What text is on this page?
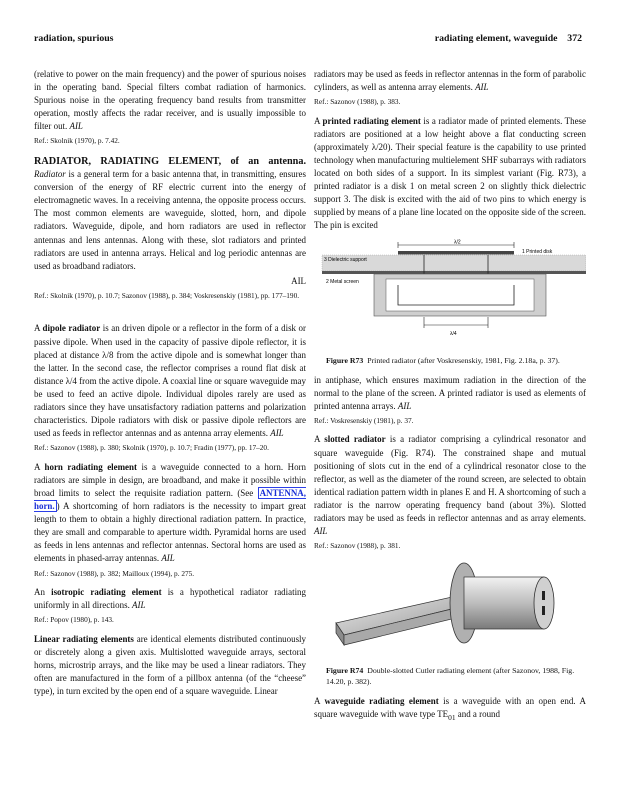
radiation, spurious	radiating element, waveguide 372

(relative to power on the main frequency) and the power of spurious noises in the operating band. Special filters combat radiation of harmonics. Spurious noise in the operating frequency band results from transmitter operation, mostly affects the radar receiver, and is usually impossible to filter out. AIL

Ref.: Skolnik (1970), p. 7.42.

RADIATOR, RADIATING ELEMENT, of an antenna. Radiator is a general term for a basic antenna that, in transmitting, ensures conversion of the energy of RF electric current into the energy of electromagnetic waves. In a receiving antenna, the opposite process occurs. The most common elements are waveguide, slotted, horn, and dipole radiators. Waveguide, dipole, and horn radiators are used in reflector antennas and lens antennas. Along with these, slot radiators and printed radiators are used in antenna arrays. Helical and log periodic antennas are used as broadband radiators.

AIL

Ref.: Skolnik (1970), p. 10.7; Sazonov (1988), p. 384; Voskresenskiy (1981), pp. 177–190.

A dipole radiator is an driven dipole or a reflector in the form of a disk or passive dipole. When used in the capacity of passive dipole reflector, it is placed at distance λ/8 from the active dipole and is somewhat longer than the latter. In the second case, the reflector comprises a round flat disk at distance λ/4 from the active dipole. A coaxial line or square waveguide may be used to feed an active dipole. Individual dipoles rarely are used as radiators since they have unsatisfactory radiation patterns and polarization characteristics. Dipole radiators with disk or passive dipole reflectors are used as feeds in reflector antennas and as antenna array elements. AIL

Ref.: Sazonov (1988), p. 380; Skolnik (1970), p. 10.7; Fradin (1977), pp. 17–20.

A horn radiating element is a waveguide connected to a horn. Horn radiators are simple in design, are broadband, and make it possible within broad limits to select the requisite radiation pattern. (See ANTENNA, horn. ) A shortcoming of horn radiators is the necessity to impart great length to them to obtain a highly directional radiation pattern. In practice, they are small and comparable to aperture width. Pyramidal horns are used as feeds in lens antennas and reflector antennas. Sectoral horns are used as elements in phased-array antennas. AIL

Ref.: Sazonov (1988), p. 382; Mailloux (1994), p. 275.

An isotropic radiating element is a hypothetical radiator radiating uniformly in all directions. AIL

Ref.: Popov (1980), p. 143.

Linear radiating elements are identical elements distributed continuously or discretely along a given axis. Multislotted waveguide arrays, sectoral horns, microstrip arrays, and the like may be used a linear radiators. They often are manufactured in the form of a pillbox antenna (of the “cheese” type), in turn excited by the open end of a square waveguide. Linear

radiators may be used as feeds in reflector antennas in the form of parabolic cylinders, as well as antenna array elements. AIL

Ref.: Sazonov (1988), p. 383.

A printed radiating element is a radiator made of printed elements. These radiators are positioned at a low height above a flat conducting screen (approximately λ/20). Their special feature is the capability to use printed technology when manufacturing multielement SHF subarrays with radiators located on both sides of a support. In its simplest variant (Fig. R73), a printed radiator is a disk 1 on metal screen 2 on slightly thick dielectric support 3. The disk is excited with the aid of two pins to which energy is supplied by means of a plane line located on the opposite side of the screen. The pin is excited

λ/2
1 Printed disk
3 Dielectric support
2 Metal screen
λ/4

Figure R73 Printed radiator (after Voskresenskiy, 1981, Fig. 2.18a, p. 37).

in antiphase, which ensures maximum radiation in the direction of the normal to the plane of the screen. A printed radiator is used as elements of printed antenna arrays. AIL

Ref.: Voskresenskiy (1981), p. 37.

A slotted radiator is a radiator comprising a cylindrical resonator and square waveguide (Fig. R74). The constrained shape and mutual positioning of slots cut in the end of a cylindrical resonator close to the reflector, as well as the diameter of the round screen, are selected to obtain identical radiation pattern width in planes E and H. A shortcoming of such a radiator is the narrow operating frequency band (about 3%). Slotted radiators may be used as feeds in reflector antennas and as array elements. AIL

Ref.: Sazonov (1988), p. 381.

Figure R74 Double-slotted Cutler radiating element (after Sazonov, 1988, Fig. 14.20, p. 382).

A waveguide radiating element is a waveguide with an open end. A square waveguide with wave type $TE_{01}$ and a round
